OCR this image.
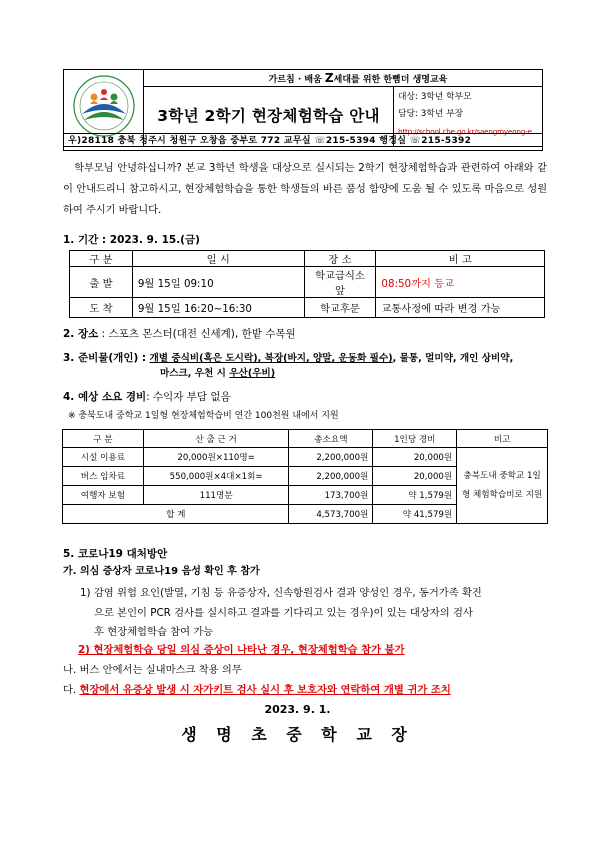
가르침 · 배움 Z세대를 위한 한뼘더 생명교육
3학년 2학기 현장체험학습 안내
대상: 3학년 학부모
담당: 3학년 부장
http://school.cbe.go.kr/saengmyeong-e
우)28118 충북 청주시 청원구 오창읍 중부로 772 교무실 ☏215-5394 행정실 ☏215-5392
학부모님 안녕하십니까? 본교 3학년 학생을 대상으로 실시되는 2학기 현장체험학습과 관련하여 아래와 같이 안내드리니 참고하시고, 현장체험학습을 통한 학생들의 바른 품성 함양에 도움 될 수 있도록 마음으로 성원하여 주시기 바랍니다.
1. 기간 : 2023. 9. 15.(금)
구 분	일 시	장 소	비 고
출 발	9월 15일 09:10	학교급식소 앞	08:50까지 등교
도 착	9월 15일 16:20~16:30	학교후문	교통사정에 따라 변경 가능
2. 장소 : 스포츠 몬스터(대전 신세계), 한밭 수목원
3. 준비물(개인) : 개별 중식비(혹은 도시락), 복장(바지, 양말, 운동화 필수), 물통, 멀미약, 개인 상비약,
마스크, 우천 시 우산(우비)
4. 예상 소요 경비: 수익자 부담 없음
※ 충북도내 중학교 1일형 현장체험학습비 연간 100천원 내에서 지원
구 분	산 출 근 거	총소요액	1인당 경비	비고
시설 이용료	20,000원×110명=	2,200,000원	20,000원	충북도내 중학교 1일형 체험학습비로 지원
버스 임차료	550,000원×4대×1회=	2,200,000원	20,000원	
여행자 보험	111명분	173,700원	약 1,579원	
합 계		4,573,700원	약 41,579원	
5. 코로나19 대처방안
가. 의심 증상자 코로나19 음성 확인 후 참가
1) 감염 위험 요인(발열, 기침 등 유증상자, 신속항원검사 결과 양성인 경우, 동거가족 확진
으로 본인이 PCR 검사를 실시하고 결과를 기다리고 있는 경우)이 있는 대상자의 검사
후 현장체험학습 참여 가능
2) 현장체험학습 당일 의심 증상이 나타난 경우, 현장체험학습 참가 불가
나. 버스 안에서는 실내마스크 착용 의무
다. 현장에서 유증상 발생 시 자가키트 검사 실시 후 보호자와 연락하여 개별 귀가 조치
2023. 9. 1.
생 명 초 중 학 교 장
